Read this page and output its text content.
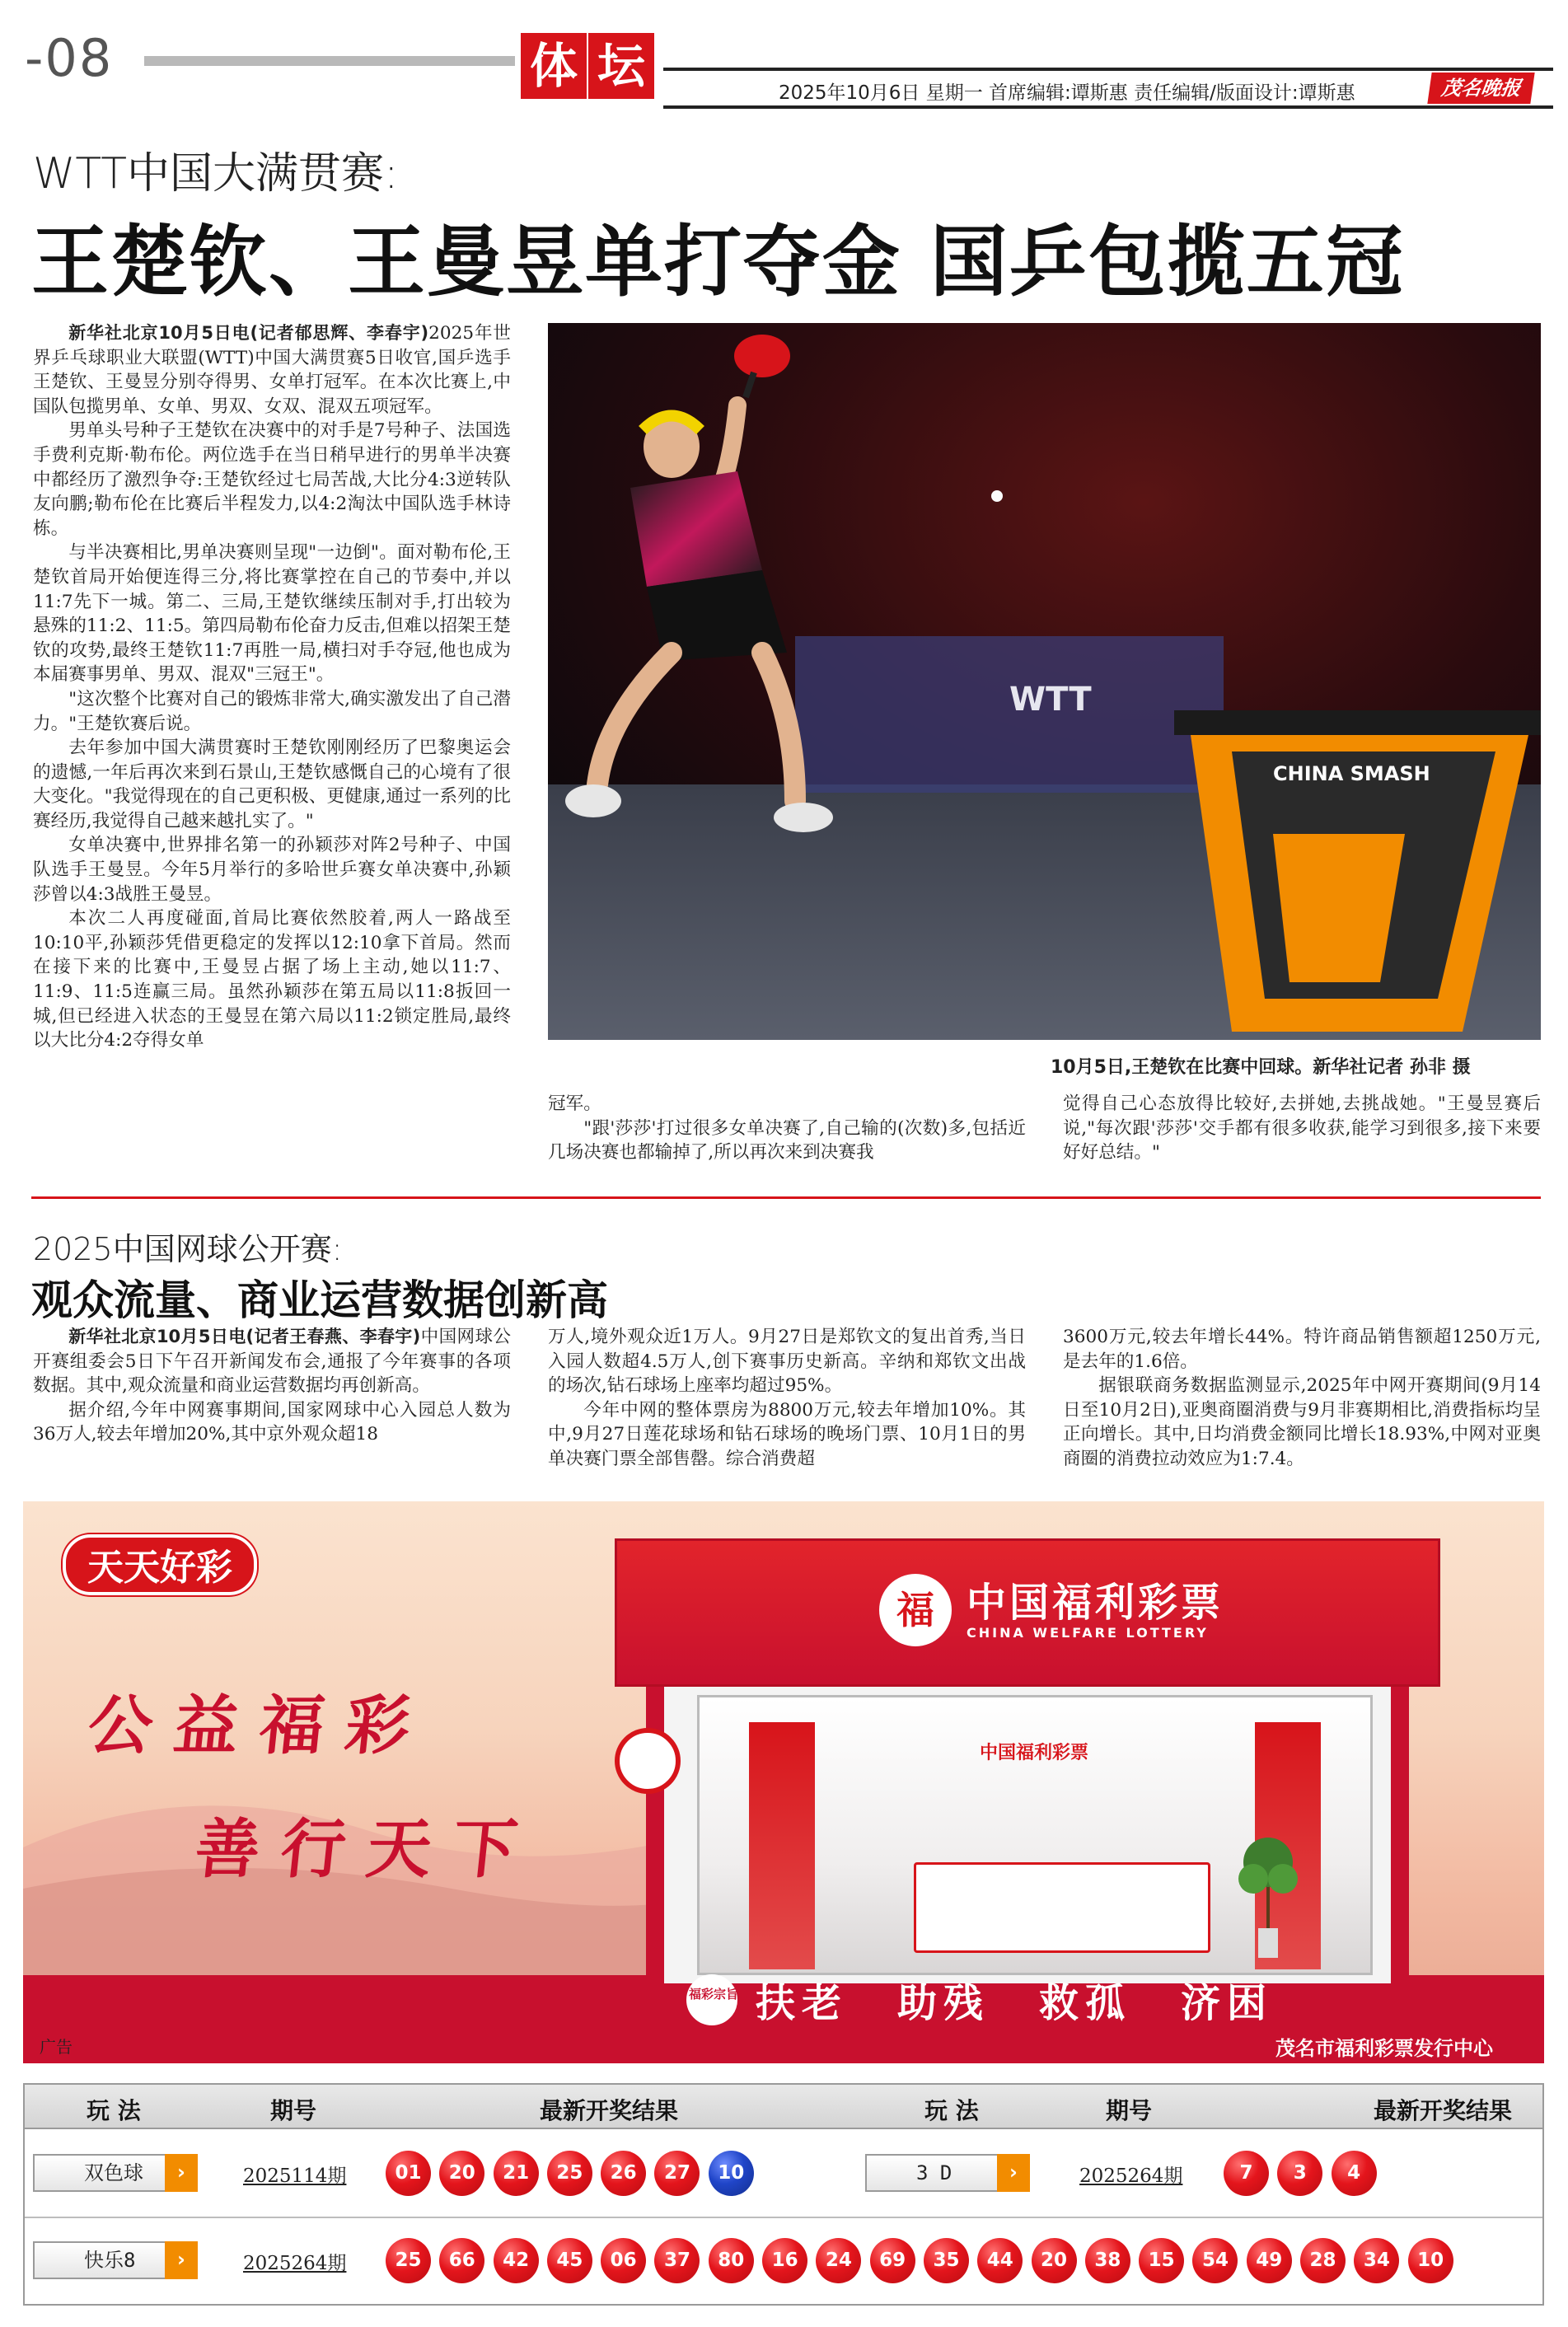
-08	体 坛	2025年10月6日 星期一 首席编辑:谭斯惠 责任编辑/版面设计:谭斯惠	茂名晚报
WTT中国大满贯赛:
王楚钦、王曼昱单打夺金 国乒包揽五冠

新华社北京10月5日电(记者郁思辉、李春宇)2025年世界乒乓球职业大联盟(WTT)中国大满贯赛5日收官,国乒选手王楚钦、王曼昱分别夺得男、女单打冠军。在本次比赛上,中国队包揽男单、女单、男双、女双、混双五项冠军。

男单头号种子王楚钦在决赛中的对手是7号种子、法国选手费利克斯·勒布伦。两位选手在当日稍早进行的男单半决赛中都经历了激烈争夺:王楚钦经过七局苦战,大比分4:3逆转队友向鹏;勒布伦在比赛后半程发力,以4:2淘汰中国队选手林诗栋。

与半决赛相比,男单决赛则呈现"一边倒"。面对勒布伦,王楚钦首局开始便连得三分,将比赛掌控在自己的节奏中,并以11:7先下一城。第二、三局,王楚钦继续压制对手,打出较为悬殊的11:2、11:5。第四局勒布伦奋力反击,但难以招架王楚钦的攻势,最终王楚钦11:7再胜一局,横扫对手夺冠,他也成为本届赛事男单、男双、混双"三冠王"。

"这次整个比赛对自己的锻炼非常大,确实激发出了自己潜力。"王楚钦赛后说。

去年参加中国大满贯赛时王楚钦刚刚经历了巴黎奥运会的遗憾,一年后再次来到石景山,王楚钦感慨自己的心境有了很大变化。"我觉得现在的自己更积极、更健康,通过一系列的比赛经历,我觉得自己越来越扎实了。"

女单决赛中,世界排名第一的孙颖莎对阵2号种子、中国队选手王曼昱。今年5月举行的多哈世乒赛女单决赛中,孙颖莎曾以4:3战胜王曼昱。

本次二人再度碰面,首局比赛依然胶着,两人一路战至10:10平,孙颖莎凭借更稳定的发挥以12:10拿下首局。然而在接下来的比赛中,王曼昱占据了场上主动,她以11:7、11:9、11:5连赢三局。虽然孙颖莎在第五局以11:8扳回一城,但已经进入状态的王曼昱在第六局以11:2锁定胜局,最终以大比分4:2夺得女单

WTT
CHINA SMASH
10月5日,王楚钦在比赛中回球。新华社记者 孙非 摄

冠军。

"跟'莎莎'打过很多女单决赛了,自己输的(次数)多,包括近几场决赛也都输掉了,所以再次来到决赛我

觉得自己心态放得比较好,去拼她,去挑战她。"王曼昱赛后说,"每次跟'莎莎'交手都有很多收获,能学习到很多,接下来要好好总结。"

2025中国网球公开赛:
观众流量、商业运营数据创新高

新华社北京10月5日电(记者王春燕、李春宇)中国网球公开赛组委会5日下午召开新闻发布会,通报了今年赛事的各项数据。其中,观众流量和商业运营数据均再创新高。

据介绍,今年中网赛事期间,国家网球中心入园总人数为36万人,较去年增加20%,其中京外观众超18

万人,境外观众近1万人。9月27日是郑钦文的复出首秀,当日入园人数超4.5万人,创下赛事历史新高。辛纳和郑钦文出战的场次,钻石球场上座率均超过95%。

今年中网的整体票房为8800万元,较去年增加10%。其中,9月27日莲花球场和钻石球场的晚场门票、10月1日的男单决赛门票全部售罄。综合消费超

3600万元,较去年增长44%。特许商品销售额超1250万元,是去年的1.6倍。

据银联商务数据监测显示,2025年中网开赛期间(9月14日至10月2日),亚奥商圈消费与9月非赛期相比,消费指标均呈正向增长。其中,日均消费金额同比增长18.93%,中网对亚奥商圈的消费拉动效应为1:7.4。

天天好彩
公益福彩
善行天下
福 中国福利彩票
CHINA WELFARE LOTTERY
中国福利彩票
福彩宗旨 扶老 助残 救孤 济困
广告	茂名市福利彩票发行中心
玩 法	期号	最新开奖结果	玩 法	期号	最新开奖结果
双色球	›	2025114期	01	20	21	25	26	27	10	3 D	›	2025264期	7	3	4
快乐8	›	2025264期	25	66	42	45	06	37	80	16	24	69	35	44	20	38	15	54	49	28	34	10
